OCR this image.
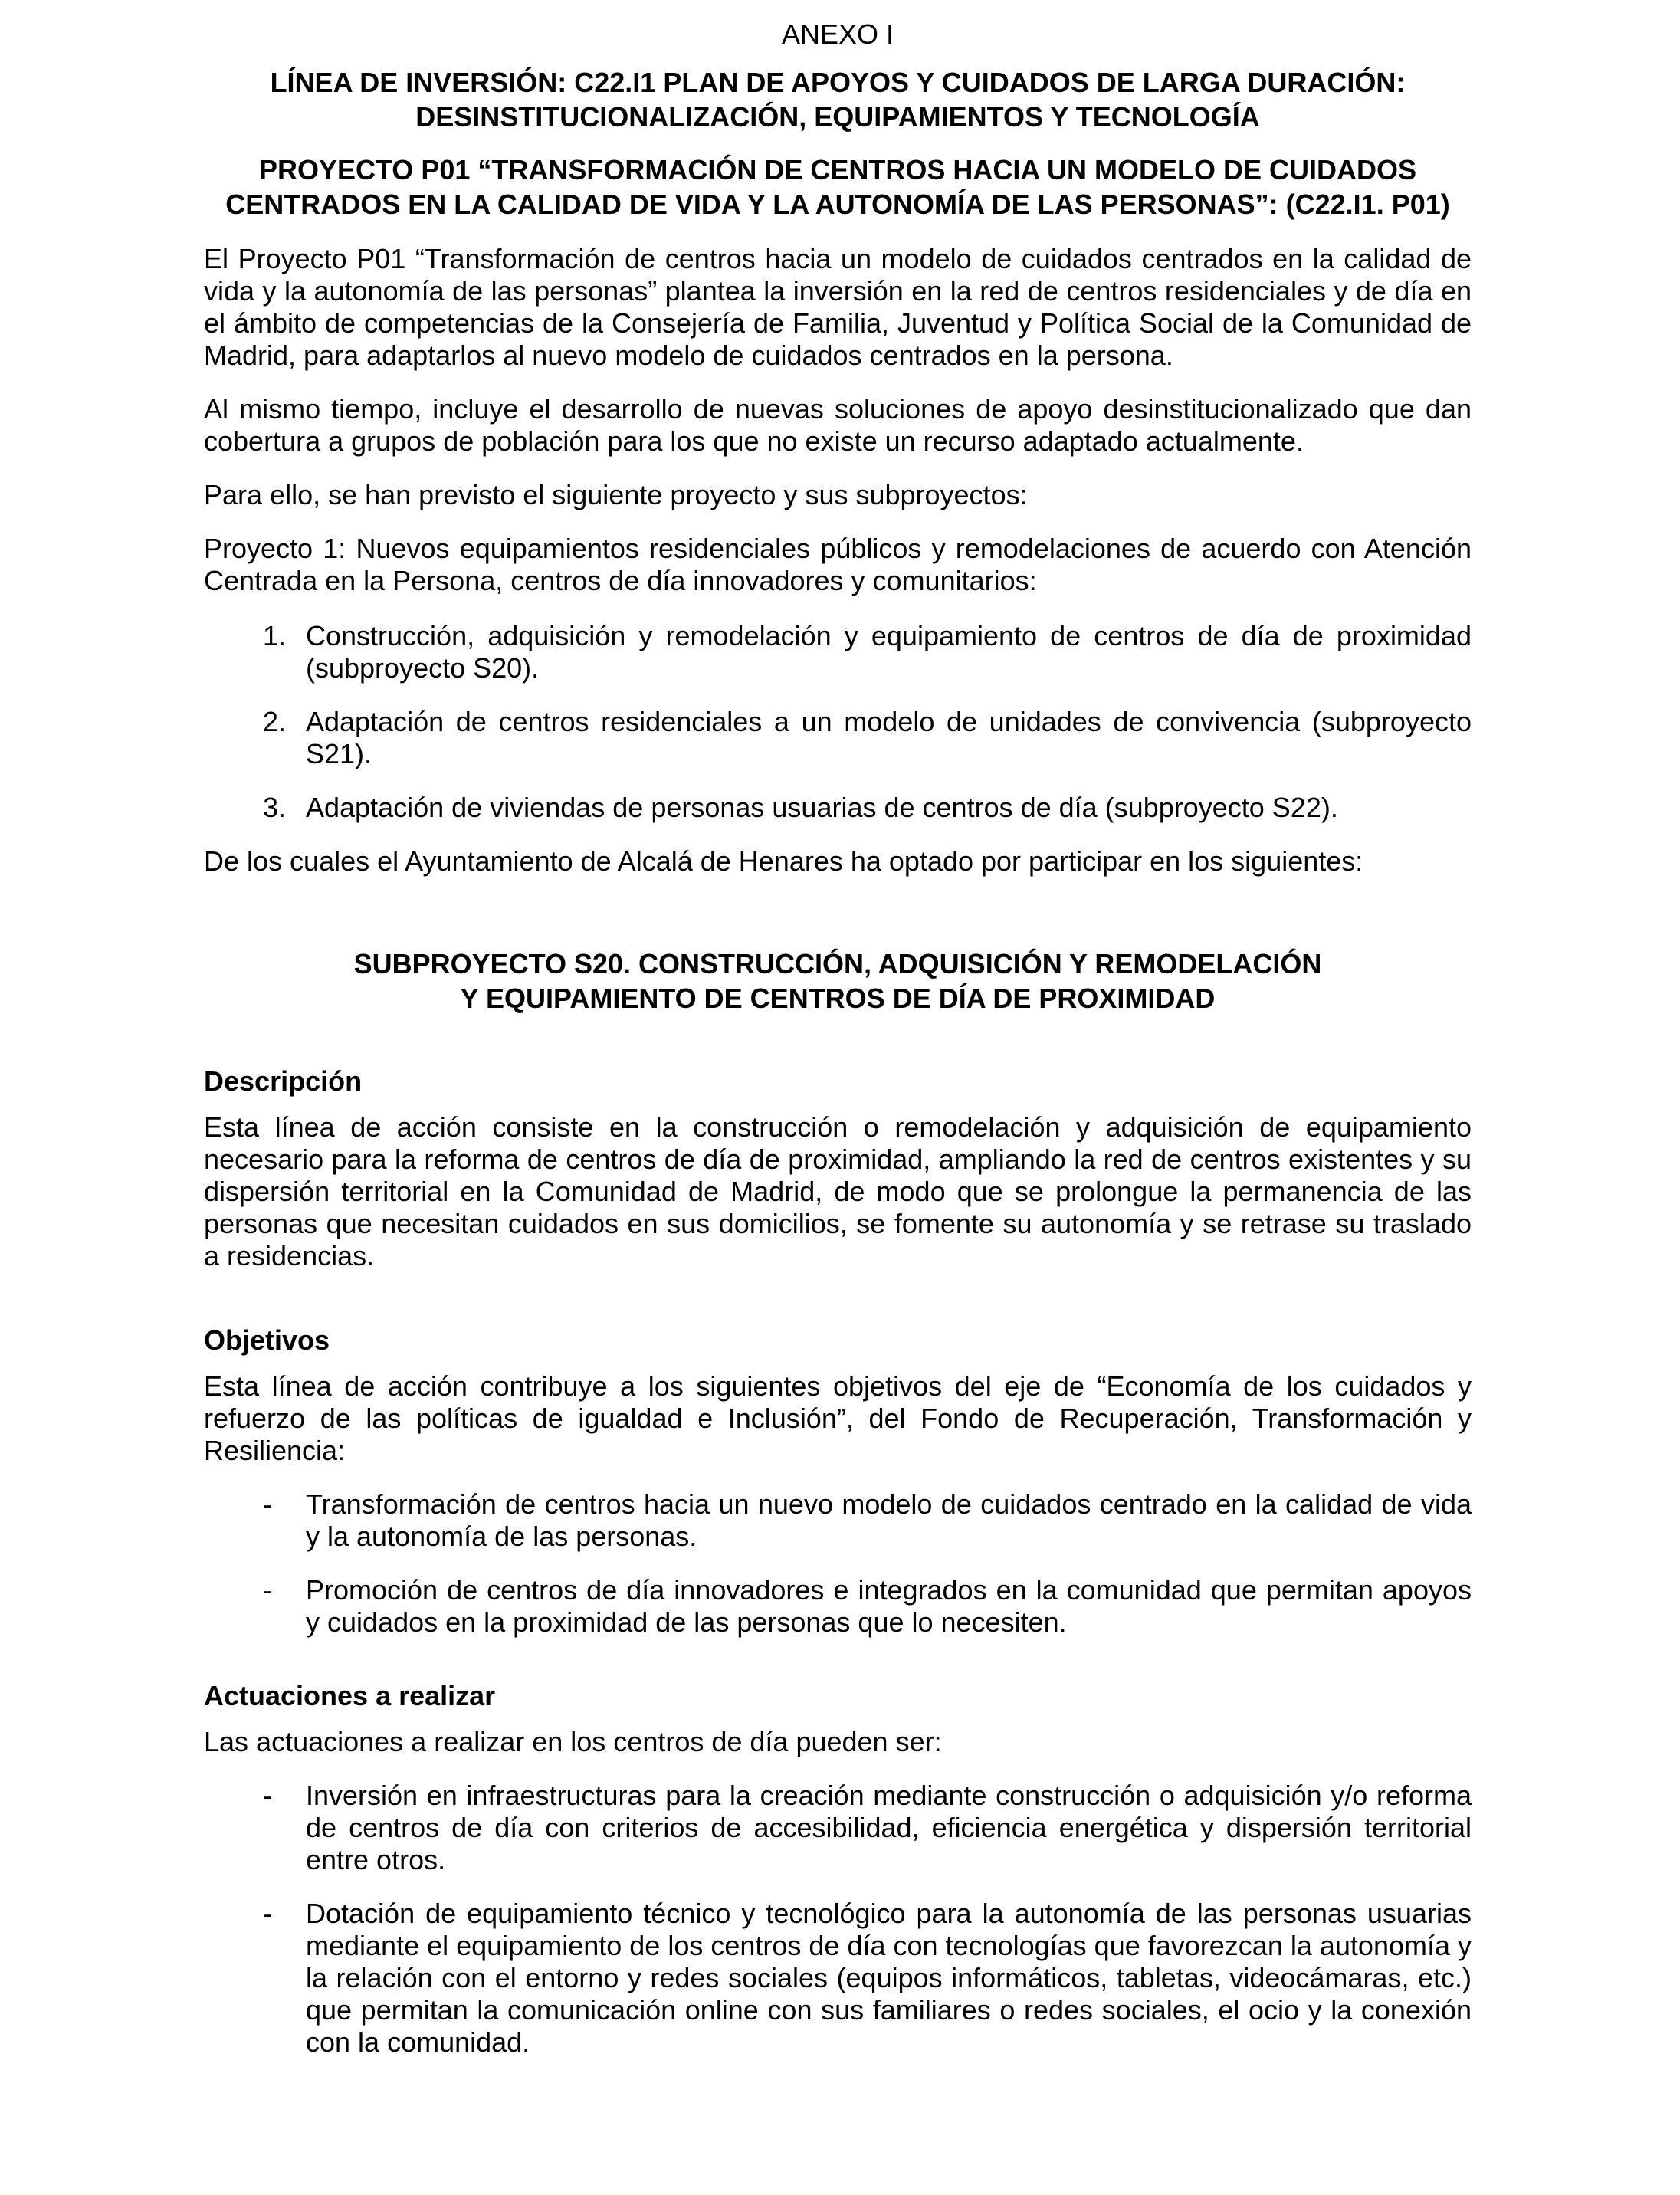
ANEXO I
LÍNEA DE INVERSIÓN: C22.I1 PLAN DE APOYOS Y CUIDADOS DE LARGA DURACIÓN:
DESINSTITUCIONALIZACIÓN, EQUIPAMIENTOS Y TECNOLOGÍA
PROYECTO P01 “TRANSFORMACIÓN DE CENTROS HACIA UN MODELO DE CUIDADOS
CENTRADOS EN LA CALIDAD DE VIDA Y LA AUTONOMÍA DE LAS PERSONAS”: (C22.I1. P01)

El Proyecto P01 “Transformación de centros hacia un modelo de cuidados centrados en la calidad de vida y la autonomía de las personas” plantea la inversión en la red de centros residenciales y de día en el ámbito de competencias de la Consejería de Familia, Juventud y Política Social de la Comunidad de Madrid, para adaptarlos al nuevo modelo de cuidados centrados en la persona.

Al mismo tiempo, incluye el desarrollo de nuevas soluciones de apoyo desinstitucionalizado que dan cobertura a grupos de población para los que no existe un recurso adaptado actualmente.

Para ello, se han previsto el siguiente proyecto y sus subproyectos:

Proyecto 1: Nuevos equipamientos residenciales públicos y remodelaciones de acuerdo con Atención Centrada en la Persona, centros de día innovadores y comunitarios:

1. Construcción, adquisición y remodelación y equipamiento de centros de día de proximidad (subproyecto S20).
2. Adaptación de centros residenciales a un modelo de unidades de convivencia (subproyecto S21).
3. Adaptación de viviendas de personas usuarias de centros de día (subproyecto S22).

De los cuales el Ayuntamiento de Alcalá de Henares ha optado por participar en los siguientes:

SUBPROYECTO S20. CONSTRUCCIÓN, ADQUISICIÓN Y REMODELACIÓN
Y EQUIPAMIENTO DE CENTROS DE DÍA DE PROXIMIDAD
Descripción

Esta línea de acción consiste en la construcción o remodelación y adquisición de equipamiento necesario para la reforma de centros de día de proximidad, ampliando la red de centros existentes y su dispersión territorial en la Comunidad de Madrid, de modo que se prolongue la permanencia de las personas que necesitan cuidados en sus domicilios, se fomente su autonomía y se retrase su traslado a residencias.

Objetivos

Esta línea de acción contribuye a los siguientes objetivos del eje de “Economía de los cuidados y refuerzo de las políticas de igualdad e Inclusión”, del Fondo de Recuperación, Transformación y Resiliencia:

-	Transformación de centros hacia un nuevo modelo de cuidados centrado en la calidad de vida y la autonomía de las personas.
-	Promoción de centros de día innovadores e integrados en la comunidad que permitan apoyos y cuidados en la proximidad de las personas que lo necesiten.
Actuaciones a realizar

Las actuaciones a realizar en los centros de día pueden ser:

-	Inversión en infraestructuras para la creación mediante construcción o adquisición y/o reforma de centros de día con criterios de accesibilidad, eficiencia energética y dispersión territorial entre otros.
-	Dotación de equipamiento técnico y tecnológico para la autonomía de las personas usuarias mediante el equipamiento de los centros de día con tecnologías que favorezcan la autonomía y la relación con el entorno y redes sociales (equipos informáticos, tabletas, videocámaras, etc.) que permitan la comunicación online con sus familiares o redes sociales, el ocio y la conexión con la comunidad.
